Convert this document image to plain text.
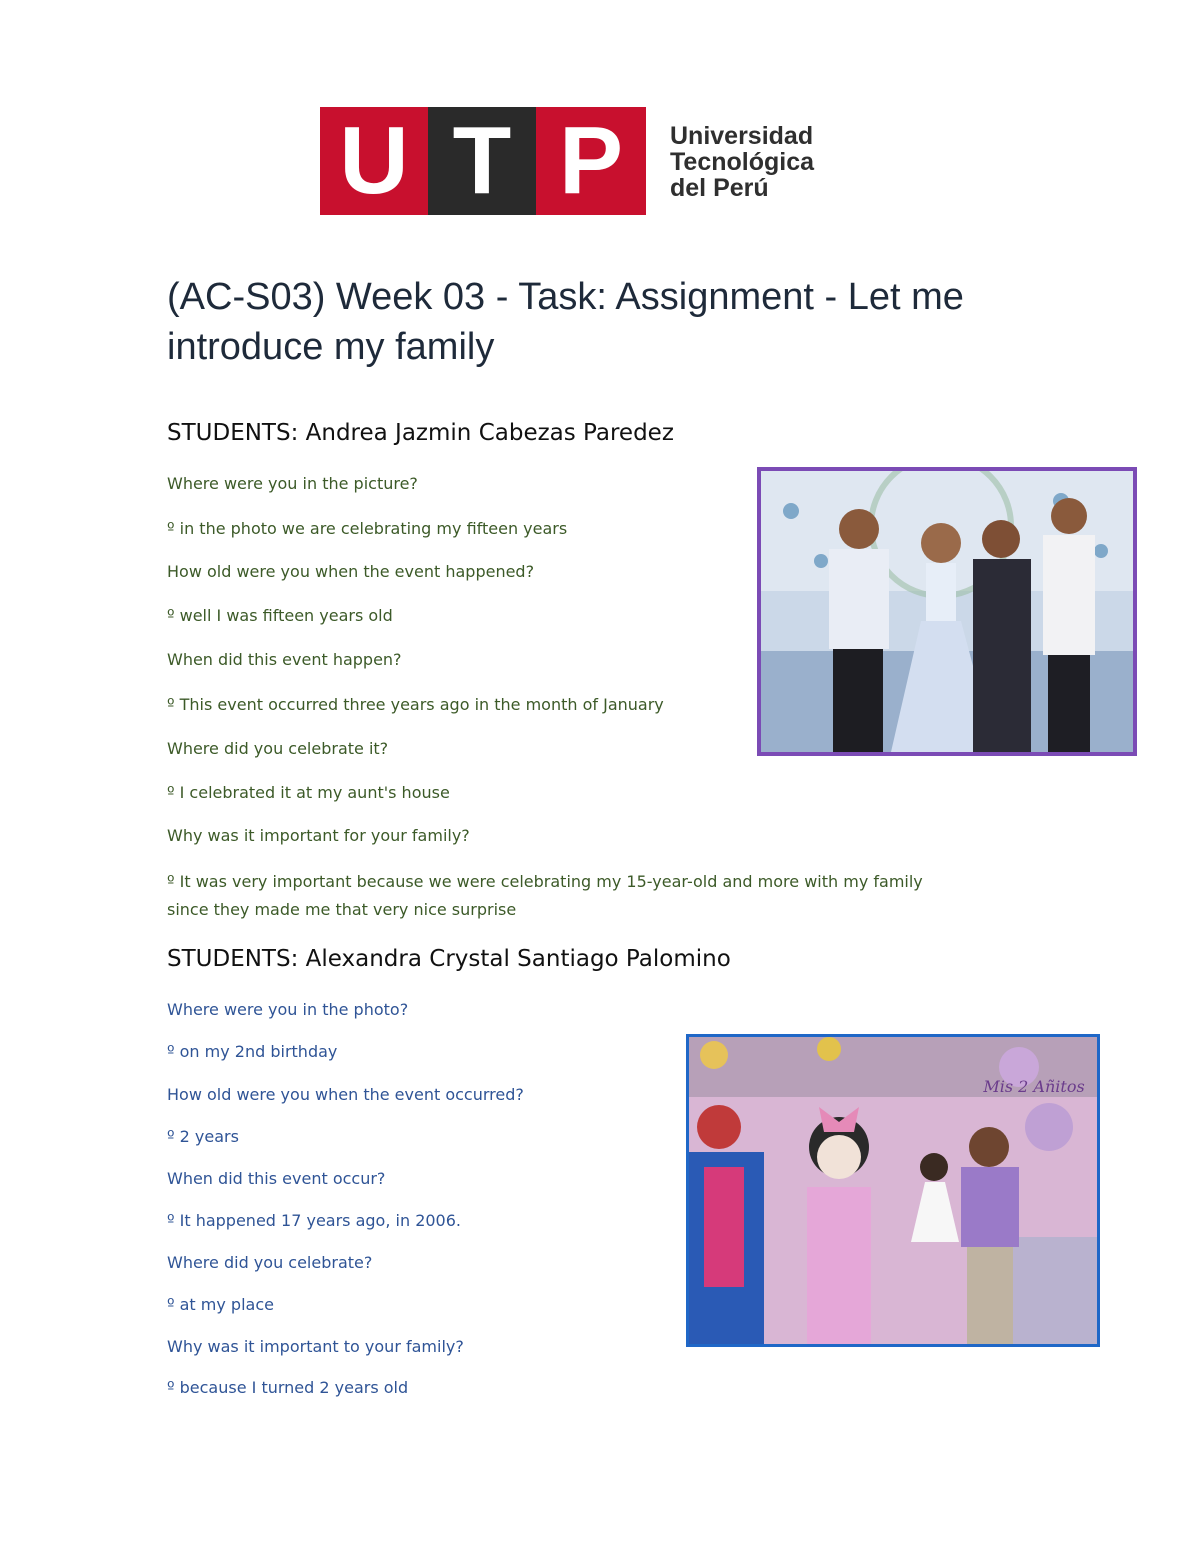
U T P	Universidad
Tecnológica
del Perú
(AC-S03) Week 03 - Task: Assignment - Let me introduce my family
STUDENTS: Andrea Jazmin Cabezas Paredez
Where were you in the picture?
º in the photo we are celebrating my fifteen years
How old were you when the event happened?
º well I was fifteen years old
When did this event happen?
º This event occurred three years ago in the month of January
Where did you celebrate it?
º I celebrated it at my aunt's house
Why was it important for your family?
º It was very important because we were celebrating my 15-year-old and more with my family
since they made me that very nice surprise
STUDENTS: Alexandra Crystal Santiago Palomino
Where were you in the photo?
º on my 2nd birthday
How old were you when the event occurred?
º 2 years
When did this event occur?
º It happened 17 years ago, in 2006.
Where did you celebrate?
º at my place
Why was it important to your family?
º because I turned 2 years old
Mis 2 Añitos
